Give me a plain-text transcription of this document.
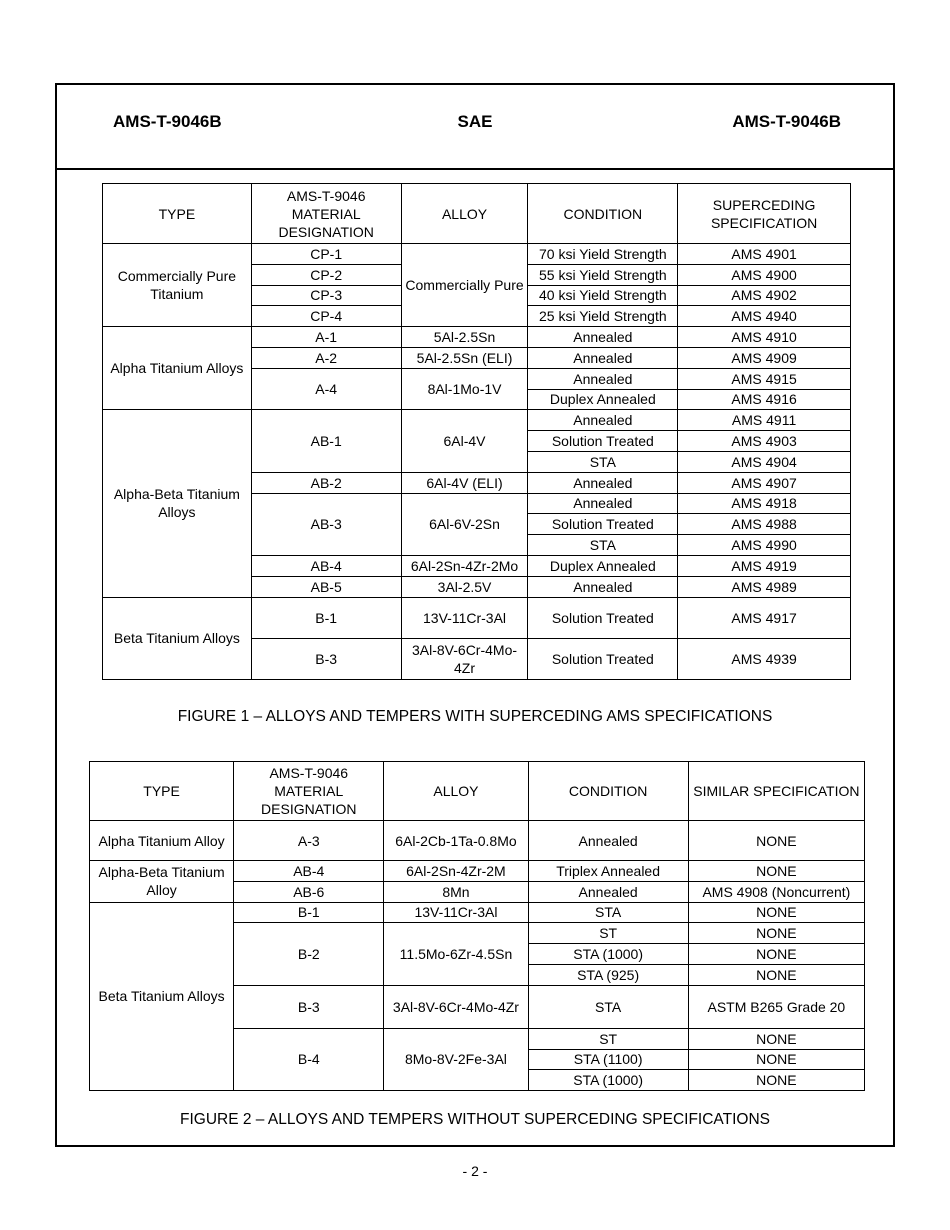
AMS-T-9046B	SAE	AMS-T-9046B
TYPE	AMS-T-9046 MATERIAL DESIGNATION	ALLOY	CONDITION	SUPERCEDING SPECIFICATION
Commercially Pure Titanium	CP-1	Commercially Pure	70 ksi Yield Strength	AMS 4901
	CP-2		55 ksi Yield Strength	AMS 4900
	CP-3		40 ksi Yield Strength	AMS 4902
	CP-4		25 ksi Yield Strength	AMS 4940
Alpha Titanium Alloys	A-1	5Al-2.5Sn	Annealed	AMS 4910
	A-2	5Al-2.5Sn (ELI)	Annealed	AMS 4909
	A-4	8Al-1Mo-1V	Annealed	AMS 4915
			Duplex Annealed	AMS 4916
Alpha-Beta Titanium Alloys	AB-1	6Al-4V	Annealed	AMS 4911
			Solution Treated	AMS 4903
			STA	AMS 4904
	AB-2	6Al-4V (ELI)	Annealed	AMS 4907
	AB-3	6Al-6V-2Sn	Annealed	AMS 4918
			Solution Treated	AMS 4988
			STA	AMS 4990
	AB-4	6Al-2Sn-4Zr-2Mo	Duplex Annealed	AMS 4919
	AB-5	3Al-2.5V	Annealed	AMS 4989
Beta Titanium Alloys	B-1	13V-11Cr-3Al	Solution Treated	AMS 4917
	B-3	3Al-8V-6Cr-4Mo-4Zr	Solution Treated	AMS 4939
FIGURE 1 – ALLOYS AND TEMPERS WITH SUPERCEDING AMS SPECIFICATIONS
TYPE	AMS-T-9046 MATERIAL DESIGNATION	ALLOY	CONDITION	SIMILAR SPECIFICATION
Alpha Titanium Alloy	A-3	6Al-2Cb-1Ta-0.8Mo	Annealed	NONE
Alpha-Beta Titanium Alloy	AB-4	6Al-2Sn-4Zr-2M	Triplex Annealed	NONE
	AB-6	8Mn	Annealed	AMS 4908 (Noncurrent)
Beta Titanium Alloys	B-1	13V-11Cr-3Al	STA	NONE
	B-2	11.5Mo-6Zr-4.5Sn	ST	NONE
			STA (1000)	NONE
			STA (925)	NONE
	B-3	3Al-8V-6Cr-4Mo-4Zr	STA	ASTM B265 Grade 20
	B-4	8Mo-8V-2Fe-3Al	ST	NONE
			STA (1100)	NONE
			STA (1000)	NONE
FIGURE 2 – ALLOYS AND TEMPERS WITHOUT SUPERCEDING SPECIFICATIONS
- 2 -
